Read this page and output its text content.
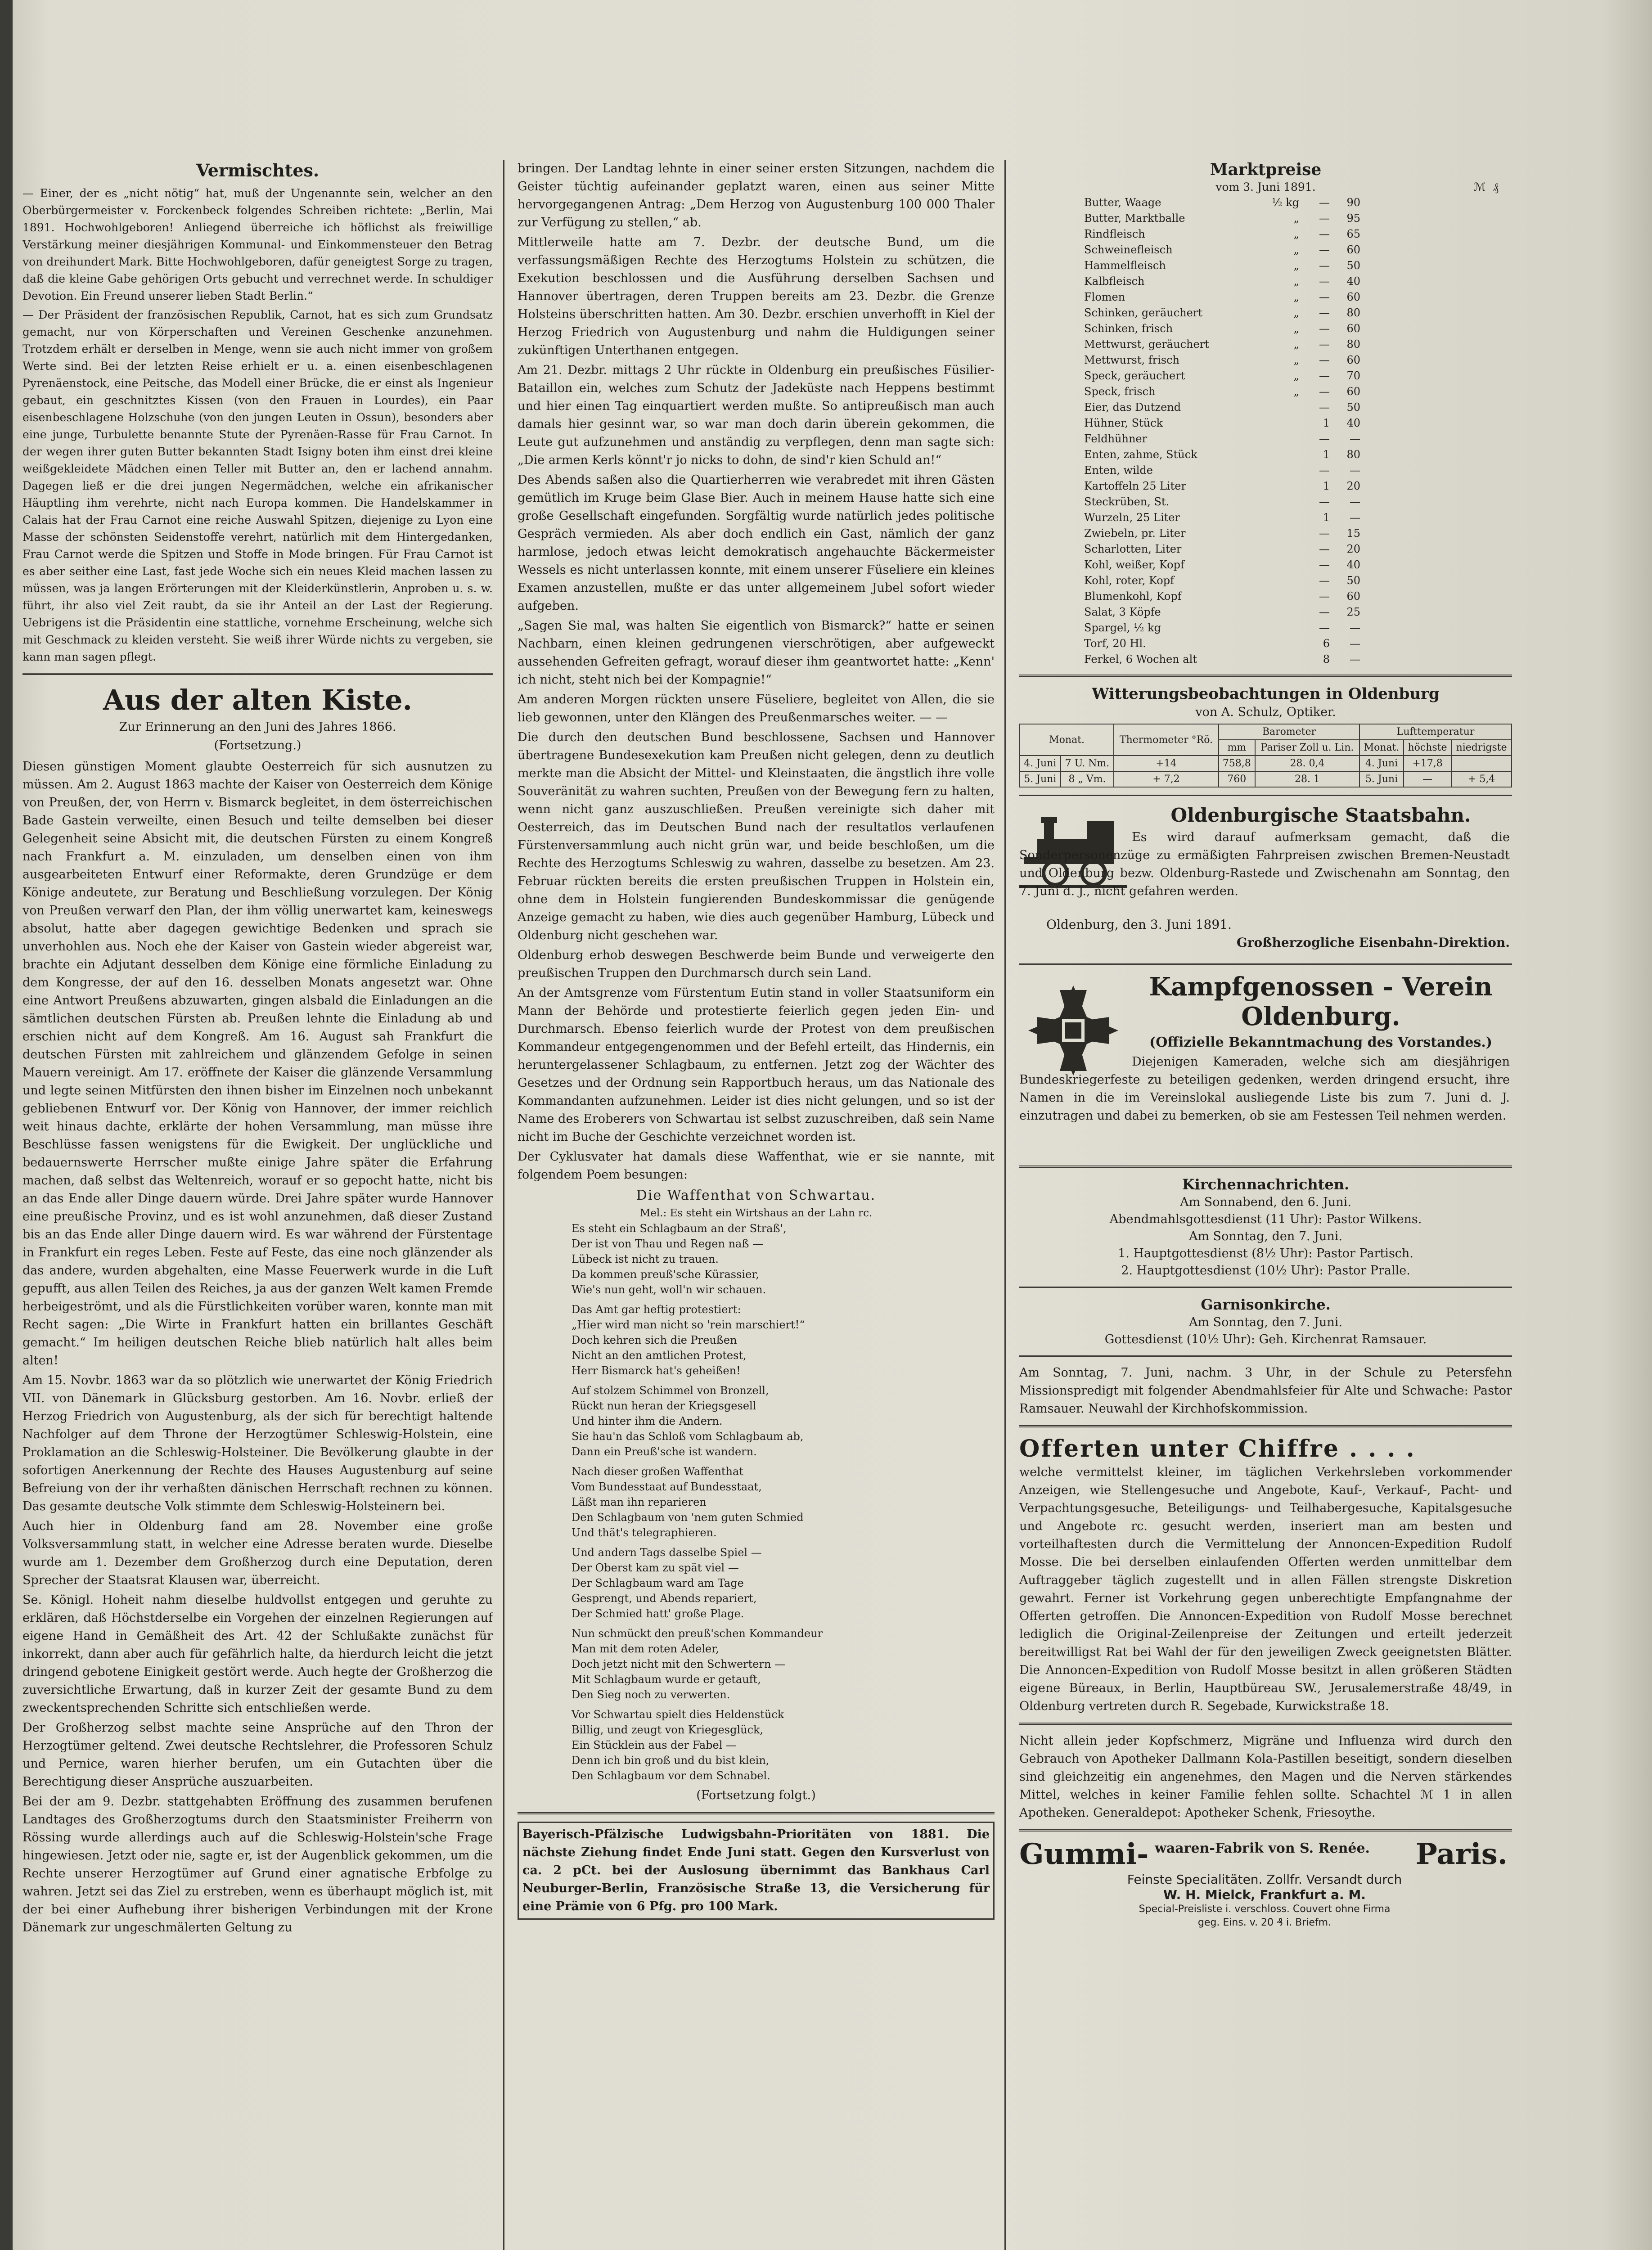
Vermischtes.

— Einer, der es „nicht nötig“ hat, muß der Ungenannte sein, welcher an den Oberbürgermeister v. Forckenbeck folgendes Schreiben richtete: „Berlin, Mai 1891. Hochwohlgeboren! Anliegend überreiche ich höflichst als freiwillige Verstärkung meiner diesjährigen Kommunal- und Einkommensteuer den Betrag von dreihundert Mark. Bitte Hochwohlgeboren, dafür geneigtest Sorge zu tragen, daß die kleine Gabe gehörigen Orts gebucht und verrechnet werde. In schuldiger Devotion. Ein Freund unserer lieben Stadt Berlin.“

— Der Präsident der französischen Republik, Carnot, hat es sich zum Grundsatz gemacht, nur von Körperschaften und Vereinen Geschenke anzunehmen. Trotzdem erhält er derselben in Menge, wenn sie auch nicht immer von großem Werte sind. Bei der letzten Reise erhielt er u. a. einen eisenbeschlagenen Pyrenäenstock, eine Peitsche, das Modell einer Brücke, die er einst als Ingenieur gebaut, ein geschnitztes Kissen (von den Frauen in Lourdes), ein Paar eisenbeschlagene Holzschuhe (von den jungen Leuten in Ossun), besonders aber eine junge, Turbulette benannte Stute der Pyrenäen-Rasse für Frau Carnot. In der wegen ihrer guten Butter bekannten Stadt Isigny boten ihm einst drei kleine weißgekleidete Mädchen einen Teller mit Butter an, den er lachend annahm. Dagegen ließ er die drei jungen Negermädchen, welche ein afrikanischer Häuptling ihm verehrte, nicht nach Europa kommen. Die Handelskammer in Calais hat der Frau Carnot eine reiche Auswahl Spitzen, diejenige zu Lyon eine Masse der schönsten Seidenstoffe verehrt, natürlich mit dem Hintergedanken, Frau Carnot werde die Spitzen und Stoffe in Mode bringen. Für Frau Carnot ist es aber seither eine Last, fast jede Woche sich ein neues Kleid machen lassen zu müssen, was ja langen Erörterungen mit der Kleiderkünstlerin, Anproben u. s. w. führt, ihr also viel Zeit raubt, da sie ihr Anteil an der Last der Regierung. Uebrigens ist die Präsidentin eine stattliche, vornehme Erscheinung, welche sich mit Geschmack zu kleiden versteht. Sie weiß ihrer Würde nichts zu vergeben, sie kann man sagen pflegt.

Aus der alten Kiste.
Zur Erinnerung an den Juni des Jahres 1866.
(Fortsetzung.)

Diesen günstigen Moment glaubte Oesterreich für sich ausnutzen zu müssen. Am 2. August 1863 machte der Kaiser von Oesterreich dem Könige von Preußen, der, von Herrn v. Bismarck begleitet, in dem österreichischen Bade Gastein verweilte, einen Besuch und teilte demselben bei dieser Gelegenheit seine Absicht mit, die deutschen Fürsten zu einem Kongreß nach Frankfurt a. M. einzuladen, um denselben einen von ihm ausgearbeiteten Entwurf einer Reformakte, deren Grundzüge er dem Könige andeutete, zur Beratung und Beschließung vorzulegen. Der König von Preußen verwarf den Plan, der ihm völlig unerwartet kam, keineswegs absolut, hatte aber dagegen gewichtige Bedenken und sprach sie unverhohlen aus. Noch ehe der Kaiser von Gastein wieder abgereist war, brachte ein Adjutant desselben dem Könige eine förmliche Einladung zu dem Kongresse, der auf den 16. desselben Monats angesetzt war. Ohne eine Antwort Preußens abzuwarten, gingen alsbald die Einladungen an die sämtlichen deutschen Fürsten ab. Preußen lehnte die Einladung ab und erschien nicht auf dem Kongreß. Am 16. August sah Frankfurt die deutschen Fürsten mit zahlreichem und glänzendem Gefolge in seinen Mauern vereinigt. Am 17. eröffnete der Kaiser die glänzende Versammlung und legte seinen Mitfürsten den ihnen bisher im Einzelnen noch unbekannt gebliebenen Entwurf vor. Der König von Hannover, der immer reichlich weit hinaus dachte, erklärte der hohen Versammlung, man müsse ihre Beschlüsse fassen wenigstens für die Ewigkeit. Der unglückliche und bedauernswerte Herrscher mußte einige Jahre später die Erfahrung machen, daß selbst das Weltenreich, worauf er so gepocht hatte, nicht bis an das Ende aller Dinge dauern würde. Drei Jahre später wurde Hannover eine preußische Provinz, und es ist wohl anzunehmen, daß dieser Zustand bis an das Ende aller Dinge dauern wird. Es war während der Fürstentage in Frankfurt ein reges Leben. Feste auf Feste, das eine noch glänzender als das andere, wurden abgehalten, eine Masse Feuerwerk wurde in die Luft gepufft, aus allen Teilen des Reiches, ja aus der ganzen Welt kamen Fremde herbeigeströmt, und als die Fürstlichkeiten vorüber waren, konnte man mit Recht sagen: „Die Wirte in Frankfurt hatten ein brillantes Geschäft gemacht.“ Im heiligen deutschen Reiche blieb natürlich halt alles beim alten!

Am 15. Novbr. 1863 war da so plötzlich wie unerwartet der König Friedrich VII. von Dänemark in Glücksburg gestorben. Am 16. Novbr. erließ der Herzog Friedrich von Augustenburg, als der sich für berechtigt haltende Nachfolger auf dem Throne der Herzogtümer Schleswig-Holstein, eine Proklamation an die Schleswig-Holsteiner. Die Bevölkerung glaubte in der sofortigen Anerkennung der Rechte des Hauses Augustenburg auf seine Befreiung von der ihr verhaßten dänischen Herrschaft rechnen zu können. Das gesamte deutsche Volk stimmte dem Schleswig-Holsteinern bei.

Auch hier in Oldenburg fand am 28. November eine große Volksversammlung statt, in welcher eine Adresse beraten wurde. Dieselbe wurde am 1. Dezember dem Großherzog durch eine Deputation, deren Sprecher der Staatsrat Klausen war, überreicht.

Se. Königl. Hoheit nahm dieselbe huldvollst entgegen und geruhte zu erklären, daß Höchstderselbe ein Vorgehen der einzelnen Regierungen auf eigene Hand in Gemäßheit des Art. 42 der Schlußakte zunächst für inkorrekt, dann aber auch für gefährlich halte, da hierdurch leicht die jetzt dringend gebotene Einigkeit gestört werde. Auch hegte der Großherzog die zuversichtliche Erwartung, daß in kurzer Zeit der gesamte Bund zu dem zweckentsprechenden Schritte sich entschließen werde.

Der Großherzog selbst machte seine Ansprüche auf den Thron der Herzogtümer geltend. Zwei deutsche Rechtslehrer, die Professoren Schulz und Pernice, waren hierher berufen, um ein Gutachten über die Berechtigung dieser Ansprüche auszuarbeiten.

Bei der am 9. Dezbr. stattgehabten Eröffnung des zusammen berufenen Landtages des Großherzogtums durch den Staatsminister Freiherrn von Rössing wurde allerdings auch auf die Schleswig-Holstein'sche Frage hingewiesen. Jetzt oder nie, sagte er, ist der Augenblick gekommen, um die Rechte unserer Herzogtümer auf Grund einer agnatische Erbfolge zu wahren. Jetzt sei das Ziel zu erstreben, wenn es überhaupt möglich ist, mit der bei einer Aufhebung ihrer bisherigen Verbindungen mit der Krone Dänemark zur ungeschmälerten Geltung zu

bringen. Der Landtag lehnte in einer seiner ersten Sitzungen, nachdem die Geister tüchtig aufeinander geplatzt waren, einen aus seiner Mitte hervorgegangenen Antrag: „Dem Herzog von Augustenburg 100 000 Thaler zur Verfügung zu stellen,“ ab.

Mittlerweile hatte am 7. Dezbr. der deutsche Bund, um die verfassungsmäßigen Rechte des Herzogtums Holstein zu schützen, die Exekution beschlossen und die Ausführung derselben Sachsen und Hannover übertragen, deren Truppen bereits am 23. Dezbr. die Grenze Holsteins überschritten hatten. Am 30. Dezbr. erschien unverhofft in Kiel der Herzog Friedrich von Augustenburg und nahm die Huldigungen seiner zukünftigen Unterthanen entgegen.

Am 21. Dezbr. mittags 2 Uhr rückte in Oldenburg ein preußisches Füsilier-Bataillon ein, welches zum Schutz der Jadeküste nach Heppens bestimmt und hier einen Tag einquartiert werden mußte. So antipreußisch man auch damals hier gesinnt war, so war man doch darin überein gekommen, die Leute gut aufzunehmen und anständig zu verpflegen, denn man sagte sich: „Die armen Kerls könnt'r jo nicks to dohn, de sind'r kien Schuld an!“

Des Abends saßen also die Quartierherren wie verabredet mit ihren Gästen gemütlich im Kruge beim Glase Bier. Auch in meinem Hause hatte sich eine große Gesellschaft eingefunden. Sorgfältig wurde natürlich jedes politische Gespräch vermieden. Als aber doch endlich ein Gast, nämlich der ganz harmlose, jedoch etwas leicht demokratisch angehauchte Bäckermeister Wessels es nicht unterlassen konnte, mit einem unserer Füseliere ein kleines Examen anzustellen, mußte er das unter allgemeinem Jubel sofort wieder aufgeben.

„Sagen Sie mal, was halten Sie eigentlich von Bismarck?“ hatte er seinen Nachbarn, einen kleinen gedrungenen vierschrötigen, aber aufgeweckt aussehenden Gefreiten gefragt, worauf dieser ihm geantwortet hatte: „Kenn' ich nicht, steht nich bei der Kompagnie!“

Am anderen Morgen rückten unsere Füseliere, begleitet von Allen, die sie lieb gewonnen, unter den Klängen des Preußenmarsches weiter. — —

Die durch den deutschen Bund beschlossene, Sachsen und Hannover übertragene Bundesexekution kam Preußen nicht gelegen, denn zu deutlich merkte man die Absicht der Mittel- und Kleinstaaten, die ängstlich ihre volle Souveränität zu wahren suchten, Preußen von der Bewegung fern zu halten, wenn nicht ganz auszuschließen. Preußen vereinigte sich daher mit Oesterreich, das im Deutschen Bund nach der resultatlos verlaufenen Fürstenversammlung auch nicht grün war, und beide beschloßen, um die Rechte des Herzogtums Schleswig zu wahren, dasselbe zu besetzen. Am 23. Februar rückten bereits die ersten preußischen Truppen in Holstein ein, ohne dem in Holstein fungierenden Bundeskommissar die genügende Anzeige gemacht zu haben, wie dies auch gegenüber Hamburg, Lübeck und Oldenburg nicht geschehen war.

Oldenburg erhob deswegen Beschwerde beim Bunde und verweigerte den preußischen Truppen den Durchmarsch durch sein Land.

An der Amtsgrenze vom Fürstentum Eutin stand in voller Staatsuniform ein Mann der Behörde und protestierte feierlich gegen jeden Ein- und Durchmarsch. Ebenso feierlich wurde der Protest von dem preußischen Kommandeur entgegengenommen und der Befehl erteilt, das Hindernis, ein heruntergelassener Schlagbaum, zu entfernen. Jetzt zog der Wächter des Gesetzes und der Ordnung sein Rapportbuch heraus, um das Nationale des Kommandanten aufzunehmen. Leider ist dies nicht gelungen, und so ist der Name des Eroberers von Schwartau ist selbst zuzuschreiben, daß sein Name nicht im Buche der Geschichte verzeichnet worden ist.

Der Cyklusvater hat damals diese Waffenthat, wie er sie nannte, mit folgendem Poem besungen:

Die Waffenthat von Schwartau.
Mel.: Es steht ein Wirtshaus an der Lahn rc.
Es steht ein Schlagbaum an der Straß',
Der ist von Thau und Regen naß —
Lübeck ist nicht zu trauen.
Da kommen preuß'sche Kürassier,
Wie's nun geht, woll'n wir schauen.

Das Amt gar heftig protestiert:
„Hier wird man nicht so 'rein marschiert!“
Doch kehren sich die Preußen
Nicht an den amtlichen Protest,
Herr Bismarck hat's geheißen!

Auf stolzem Schimmel von Bronzell,
Rückt nun heran der Kriegsgesell
Und hinter ihm die Andern.
Sie hau'n das Schloß vom Schlagbaum ab,
Dann ein Preuß'sche ist wandern.

Nach dieser großen Waffenthat
Vom Bundesstaat auf Bundesstaat,
Läßt man ihn reparieren
Den Schlagbaum von 'nem guten Schmied
Und thät's telegraphieren.

Und andern Tags dasselbe Spiel —
Der Oberst kam zu spät viel —
Der Schlagbaum ward am Tage
Gesprengt, und Abends repariert,
Der Schmied hatt' große Plage.

Nun schmückt den preuß'schen Kommandeur
Man mit dem roten Adeler,
Doch jetzt nicht mit den Schwertern —
Mit Schlagbaum wurde er getauft,
Den Sieg noch zu verwerten.

Vor Schwartau spielt dies Heldenstück
Billig, und zeugt von Kriegesglück,
Ein Stücklein aus der Fabel —
Denn ich bin groß und du bist klein,
Den Schlagbaum vor dem Schnabel.
(Fortsetzung folgt.)

Bayerisch-Pfälzische Ludwigsbahn-Prioritäten von 1881. Die nächste Ziehung findet Ende Juni statt. Gegen den Kursverlust von ca. 2 pCt. bei der Auslosung übernimmt das Bankhaus Carl Neuburger-Berlin, Französische Straße 13, die Versicherung für eine Prämie von 6 Pfg. pro 100 Mark.

Marktpreise
vom 3. Juni 1891.	ℳ ₰
Butter, Waage	½ kg	—	90
Butter, Marktballe	„	—	95
Rindfleisch	„	—	65
Schweinefleisch	„	—	60
Hammelfleisch	„	—	50
Kalbfleisch	„	—	40
Flomen	„	—	60
Schinken, geräuchert	„	—	80
Schinken, frisch	„	—	60
Mettwurst, geräuchert	„	—	80
Mettwurst, frisch	„	—	60
Speck, geräuchert	„	—	70
Speck, frisch	„	—	60
Eier, das Dutzend		—	50
Hühner, Stück		1	40
Feldhühner		—	—
Enten, zahme, Stück		1	80
Enten, wilde		—	—
Kartoffeln 25 Liter		1	20
Steckrüben, St.		—	—
Wurzeln, 25 Liter		1	—
Zwiebeln, pr. Liter		—	15
Scharlotten, Liter		—	20
Kohl, weißer, Kopf		—	40
Kohl, roter, Kopf		—	50
Blumenkohl, Kopf		—	60
Salat, 3 Köpfe		—	25
Spargel, ½ kg		—	—
Torf, 20 Hl.		6	—
Ferkel, 6 Wochen alt		8	—
Witterungsbeobachtungen in Oldenburg
von A. Schulz, Optiker.
Monat.		Thermometer °Rö.	Barometer		Lufttemperatur		
			mm	Pariser Zoll u. Lin.	Monat.	höchste	niedrigste
4. Juni	7 U. Nm.	+14	758,8	28. 0,4	4. Juni	+17,8	
5. Juni	8 „ Vm.	+ 7,2	760	28. 1	5. Juni	—	+ 5,4
Oldenburgische Staatsbahn.

Es wird darauf aufmerksam gemacht, daß die Sonderpersonenzüge zu ermäßigten Fahrpreisen zwischen Bremen-Neustadt und Oldenburg bezw. Oldenburg-Rastede und Zwischenahn am Sonntag, den 7. Juni d. J., nicht gefahren werden.

Oldenburg, den 3. Juni 1891.
Großherzogliche Eisenbahn-Direktion.
Kampfgenossen - Verein
Oldenburg.
(Offizielle Bekanntmachung des Vorstandes.)

Diejenigen Kameraden, welche sich am diesjährigen Bundeskriegerfeste zu beteiligen gedenken, werden dringend ersucht, ihre Namen in die im Vereinslokal ausliegende Liste bis zum 7. Juni d. J. einzutragen und dabei zu bemerken, ob sie am Festessen Teil nehmen werden.

Kirchennachrichten.
Am Sonnabend, den 6. Juni.
Abendmahlsgottesdienst (11 Uhr): Pastor Wilkens.
Am Sonntag, den 7. Juni.
1. Hauptgottesdienst (8½ Uhr): Pastor Partisch.
2. Hauptgottesdienst (10½ Uhr): Pastor Pralle.
Garnisonkirche.
Am Sonntag, den 7. Juni.
Gottesdienst (10½ Uhr): Geh. Kirchenrat Ramsauer.

Am Sonntag, 7. Juni, nachm. 3 Uhr, in der Schule zu Petersfehn Missionspredigt mit folgender Abendmahlsfeier für Alte und Schwache: Pastor Ramsauer. Neuwahl der Kirchhofskommission.

Offerten unter Chiffre . . . .

welche vermittelst kleiner, im täglichen Verkehrsleben vorkommender Anzeigen, wie Stellengesuche und Angebote, Kauf-, Verkauf-, Pacht- und Verpachtungsgesuche, Beteiligungs- und Teilhabergesuche, Kapitalsgesuche und Angebote rc. gesucht werden, inseriert man am besten und vorteilhaftesten durch die Vermittelung der Annoncen-Expedition Rudolf Mosse. Die bei derselben einlaufenden Offerten werden unmittelbar dem Auftraggeber täglich zugestellt und in allen Fällen strengste Diskretion gewahrt. Ferner ist Vorkehrung gegen unberechtigte Empfangnahme der Offerten getroffen. Die Annoncen-Expedition von Rudolf Mosse berechnet lediglich die Original-Zeilenpreise der Zeitungen und erteilt jederzeit bereitwilligst Rat bei Wahl der für den jeweiligen Zweck geeignetsten Blätter. Die Annoncen-Expedition von Rudolf Mosse besitzt in allen größeren Städten eigene Büreaux, in Berlin, Hauptbüreau SW., Jerusalemerstraße 48/49, in Oldenburg vertreten durch R. Segebade, Kurwickstraße 18.

Nicht allein jeder Kopfschmerz, Migräne und Influenza wird durch den Gebrauch von Apotheker Dallmann Kola-Pastillen beseitigt, sondern dieselben sind gleichzeitig ein angenehmes, den Magen und die Nerven stärkendes Mittel, welches in keiner Familie fehlen sollte. Schachtel ℳ 1 in allen Apotheken. Generaldepot: Apotheker Schenk, Friesoythe.

Gummi- waaren-Fabrik von S. Renée. Paris.
Feinste Specialitäten. Zollfr. Versandt durch
W. H. Mielck, Frankfurt a. M.
Special-Preisliste i. verschloss. Couvert ohne Firma
geg. Eins. v. 20 ₰ i. Briefm.
